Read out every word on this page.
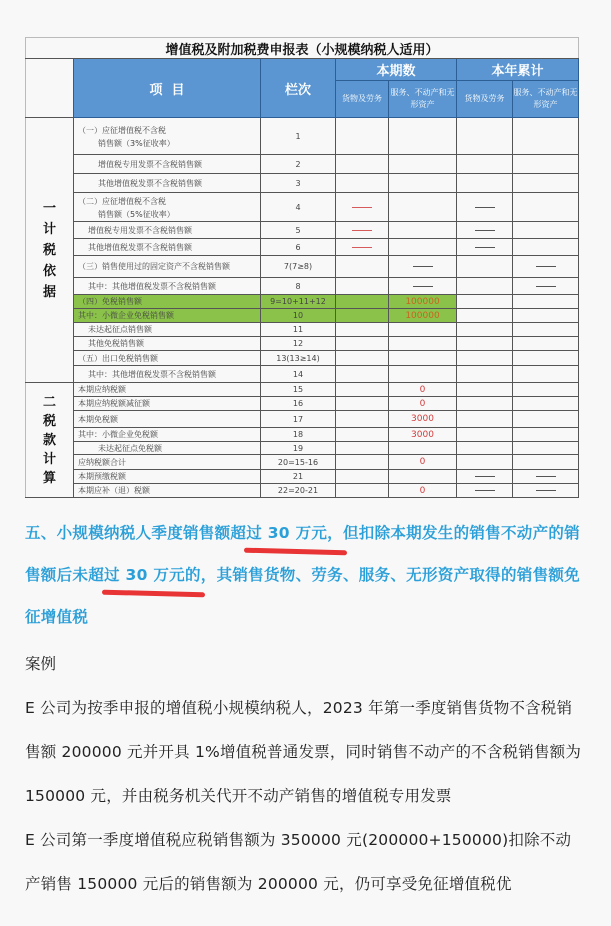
增值税及附加税费申报表（小规模纳税人适用）						
	项  目	栏次	本期数		本年累计	
			货物及劳务	服务、不动产和无形资产	货物及劳务	服务、不动产和无形资产
一计税依据	（一）应征增值税不含税
销售额（3%征收率）	1				
	增值税专用发票不含税销售额	2				
	其他增值税发票不含税销售额	3				
	（二）应征增值税不含税
销售额（5%征收率）	4				
	增值税专用发票不含税销售额	5				
	其他增值税发票不含税销售额	6				
	（三）销售使用过的固定资产不含税销售额	7(7≥8)				
	其中：其他增值税发票不含税销售额	8				
	（四）免税销售额	9=10+11+12		100000		
	其中：小微企业免税销售额	10		100000		
	未达起征点销售额	11				
	其他免税销售额	12				
	（五）出口免税销售额	13(13≥14)				
	其中：其他增值税发票不含税销售额	14				
二税款计算	本期应纳税额	15		0		
	本期应纳税额减征额	16		0		
	本期免税额	17		3000		
	其中：小微企业免税额	18		3000		
	未达起征点免税额	19				
	应纳税额合计	20=15-16		0		
	本期预缴税额	21				
	本期应补（退）税额	22=20-21		0		

五、小规模纳税人季度销售额超过 30 万元，但扣除本期发生的销售不动产的销售额后未超过 30 万元的，其销售货物、劳务、服务、无形资产取得的销售额免征增值税

案例

E 公司为按季申报的增值税小规模纳税人，2023 年第一季度销售货物不含税销售额 200000 元并开具 1%增值税普通发票，同时销售不动产的不含税销售额为 150000 元，并由税务机关代开不动产销售的增值税专用发票

E 公司第一季度增值税应税销售额为 350000 元(200000+150000)扣除不动产销售 150000 元后的销售额为 200000 元，仍可享受免征增值税优
